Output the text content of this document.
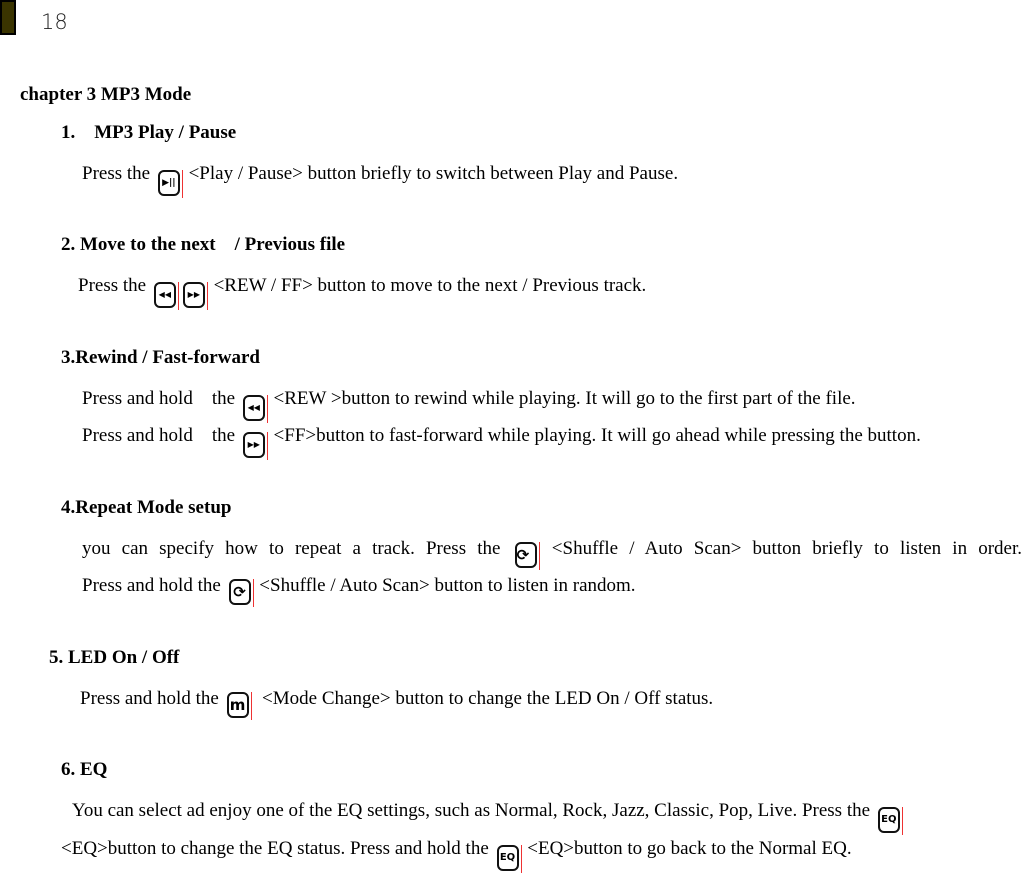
18
chapter 3 MP3 Mode
1.    MP3 Play / Pause
Press the ▶|| <Play / Pause> button briefly to switch between Play and Pause.
2. Move to the next    / Previous file
Press the ◀◀ ▶▶ <REW / FF> button to move to the next / Previous track.
3.Rewind / Fast-forward
Press and hold    the ◀◀ <REW >button to rewind while playing. It will go to the first part of the file.
Press and hold    the ▶▶ <FF>button to fast-forward while playing. It will go ahead while pressing the button.
4.Repeat Mode setup
you can specify how to repeat a track. Press the ⟳ <Shuffle / Auto Scan> button briefly to listen in order.
Press and hold the ⟳ <Shuffle / Auto Scan> button to listen in random.
5. LED On / Off
Press and hold the m  <Mode Change> button to change the LED On / Off status.
6. EQ
You can select ad enjoy one of the EQ settings, such as Normal, Rock, Jazz, Classic, Pop, Live. Press the EQ
<EQ>button to change the EQ status. Press and hold the EQ <EQ>button to go back to the Normal EQ.
